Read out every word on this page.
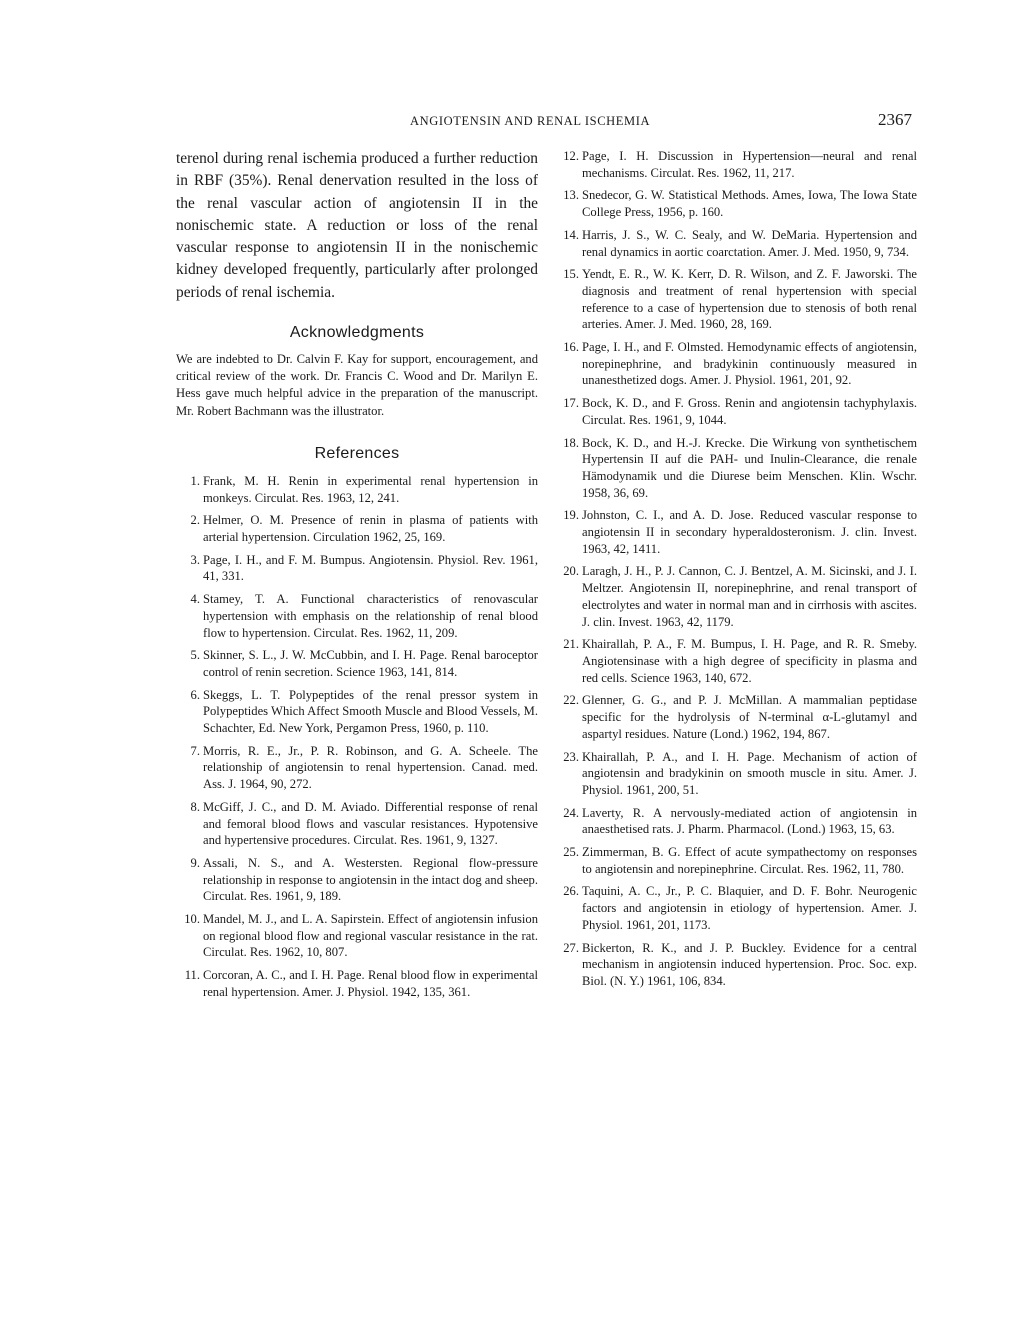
ANGIOTENSIN AND RENAL ISCHEMIA	2367

terenol during renal ischemia produced a further reduction in RBF (35%). Renal denervation resulted in the loss of the renal vascular action of angiotensin II in the nonischemic state. A reduction or loss of the renal vascular response to angiotensin II in the nonischemic kidney developed frequently, particularly after prolonged periods of renal ischemia.

Acknowledgments

We are indebted to Dr. Calvin F. Kay for support, encouragement, and critical review of the work. Dr. Francis C. Wood and Dr. Marilyn E. Hess gave much helpful advice in the preparation of the manuscript. Mr. Robert Bachmann was the illustrator.

References
1 . Frank, M. H. Renin in experimental renal hypertension in monkeys. Circulat. Res. 1963, 12, 241.
2 . Helmer, O. M. Presence of renin in plasma of patients with arterial hypertension. Circulation 1962, 25, 169.
3 . Page, I. H., and F. M. Bumpus. Angiotensin. Physiol. Rev. 1961, 41, 331.
4 . Stamey, T. A. Functional characteristics of renovascular hypertension with emphasis on the relationship of renal blood flow to hypertension. Circulat. Res. 1962, 11, 209.
5 . Skinner, S. L., J. W. McCubbin, and I. H. Page. Renal baroceptor control of renin secretion. Science 1963, 141, 814.
6 . Skeggs, L. T. Polypeptides of the renal pressor system in Polypeptides Which Affect Smooth Muscle and Blood Vessels, M. Schachter, Ed. New York, Pergamon Press, 1960, p. 110.
7 . Morris, R. E., Jr., P. R. Robinson, and G. A. Scheele. The relationship of angiotensin to renal hypertension. Canad. med. Ass. J. 1964, 90, 272.
8 . McGiff, J. C., and D. M. Aviado. Differential response of renal and femoral blood flows and vascular resistances. Hypotensive and hypertensive procedures. Circulat. Res. 1961, 9, 1327.
9 . Assali, N. S., and A. Westersten. Regional flow-pressure relationship in response to angiotensin in the intact dog and sheep. Circulat. Res. 1961, 9, 189.
10 . Mandel, M. J., and L. A. Sapirstein. Effect of angiotensin infusion on regional blood flow and regional vascular resistance in the rat. Circulat. Res. 1962, 10, 807.
11 . Corcoran, A. C., and I. H. Page. Renal blood flow in experimental renal hypertension. Amer. J. Physiol. 1942, 135, 361.
12 . Page, I. H. Discussion in Hypertension—neural and renal mechanisms. Circulat. Res. 1962, 11, 217.
13 . Snedecor, G. W. Statistical Methods. Ames, Iowa, The Iowa State College Press, 1956, p. 160.
14 . Harris, J. S., W. C. Sealy, and W. DeMaria. Hypertension and renal dynamics in aortic coarctation. Amer. J. Med. 1950, 9, 734.
15 . Yendt, E. R., W. K. Kerr, D. R. Wilson, and Z. F. Jaworski. The diagnosis and treatment of renal hypertension with special reference to a case of hypertension due to stenosis of both renal arteries. Amer. J. Med. 1960, 28, 169.
16 . Page, I. H., and F. Olmsted. Hemodynamic effects of angiotensin, norepinephrine, and bradykinin continuously measured in unanesthetized dogs. Amer. J. Physiol. 1961, 201, 92.
17 . Bock, K. D., and F. Gross. Renin and angiotensin tachyphylaxis. Circulat. Res. 1961, 9, 1044.
18 . Bock, K. D., and H.-J. Krecke. Die Wirkung von synthetischem Hypertensin II auf die PAH- und Inulin-Clearance, die renale Hämodynamik und die Diurese beim Menschen. Klin. Wschr. 1958, 36, 69.
19 . Johnston, C. I., and A. D. Jose. Reduced vascular response to angiotensin II in secondary hyperaldosteronism. J. clin. Invest. 1963, 42, 1411.
20 . Laragh, J. H., P. J. Cannon, C. J. Bentzel, A. M. Sicinski, and J. I. Meltzer. Angiotensin II, norepinephrine, and renal transport of electrolytes and water in normal man and in cirrhosis with ascites. J. clin. Invest. 1963, 42, 1179.
21 . Khairallah, P. A., F. M. Bumpus, I. H. Page, and R. R. Smeby. Angiotensinase with a high degree of specificity in plasma and red cells. Science 1963, 140, 672.
22 . Glenner, G. G., and P. J. McMillan. A mammalian peptidase specific for the hydrolysis of N-terminal α-L-glutamyl and aspartyl residues. Nature (Lond.) 1962, 194, 867.
23 . Khairallah, P. A., and I. H. Page. Mechanism of action of angiotensin and bradykinin on smooth muscle in situ. Amer. J. Physiol. 1961, 200, 51.
24 . Laverty, R. A nervously-mediated action of angiotensin in anaesthetised rats. J. Pharm. Pharmacol. (Lond.) 1963, 15, 63.
25 . Zimmerman, B. G. Effect of acute sympathectomy on responses to angiotensin and norepinephrine. Circulat. Res. 1962, 11, 780.
26 . Taquini, A. C., Jr., P. C. Blaquier, and D. F. Bohr. Neurogenic factors and angiotensin in etiology of hypertension. Amer. J. Physiol. 1961, 201, 1173.
27 . Bickerton, R. K., and J. P. Buckley. Evidence for a central mechanism in angiotensin induced hypertension. Proc. Soc. exp. Biol. (N. Y.) 1961, 106, 834.
